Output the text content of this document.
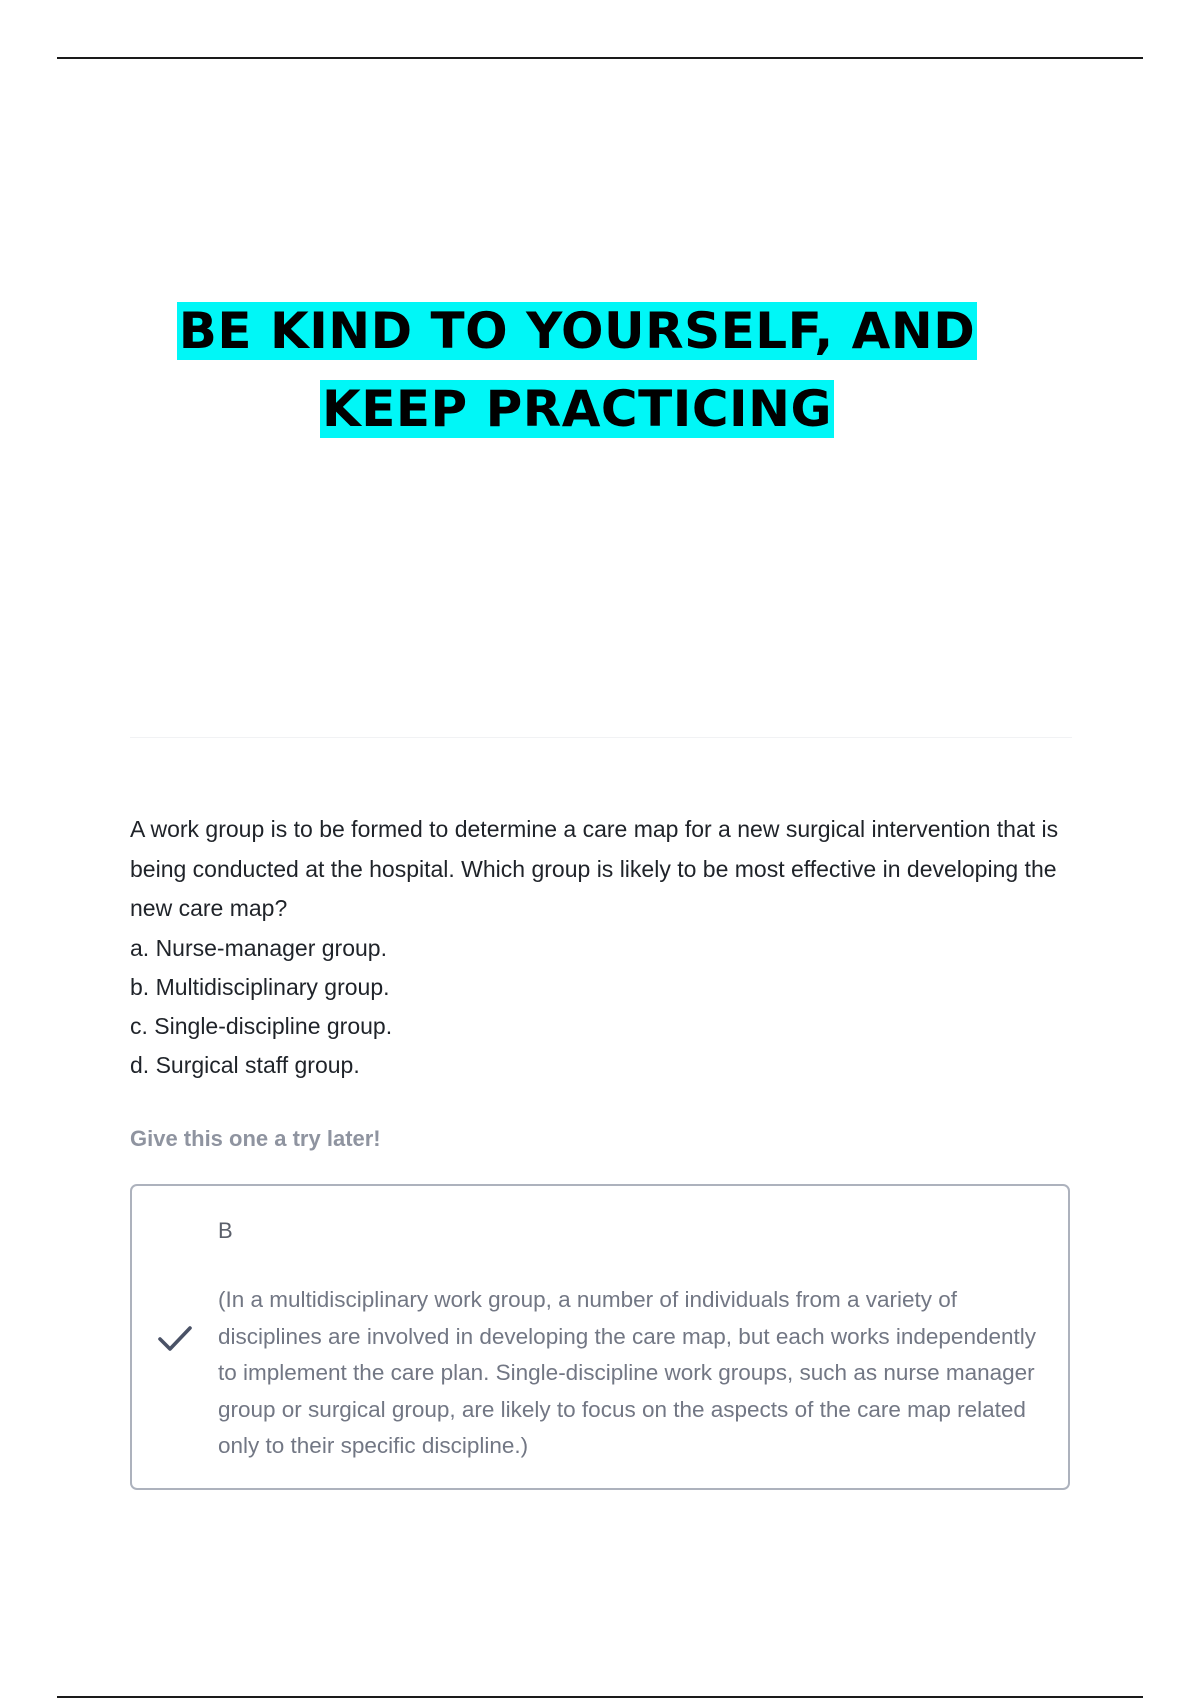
BE KIND TO YOURSELF, AND
KEEP PRACTICING

A work group is to be formed to determine a care map for a new surgical intervention that is being conducted at the hospital. Which group is likely to be most effective in developing the new care map?

a. Nurse-manager group.

b. Multidisciplinary group.

c. Single-discipline group.

d. Surgical staff group.

Give this one a try later!
B
(In a multidisciplinary work group, a number of individuals from a variety of disciplines are involved in developing the care map, but each works independently to implement the care plan. Single-discipline work groups, such as nurse manager group or surgical group, are likely to focus on the aspects of the care map related only to their specific discipline.)
